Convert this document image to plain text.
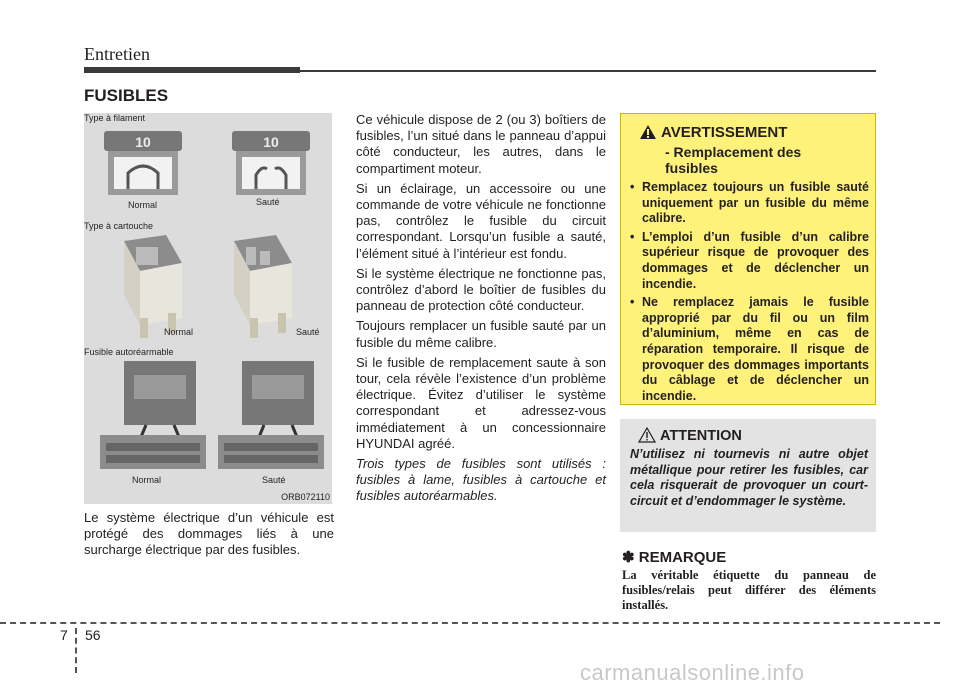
Entretien
FUSIBLES
Type à filament
10	10
Normal	Sauté
Type à cartouche
Normal	Sauté
Fusible autoréarmable
Normal	Sauté
ORB072110
Le système électrique d’un véhicule est protégé des dommages liés à une surcharge électrique par des fusibles.

Ce véhicule dispose de 2 (ou 3) boîtiers de fusibles, l’un situé dans le panneau d’appui côté conducteur, les autres, dans le compartiment moteur.

Si un éclairage, un accessoire ou une commande de votre véhicule ne fonctionne pas, contrôlez le fusible du circuit correspondant. Lorsqu’un fusible a sauté, l’élément situé à l’intérieur est fondu.

Si le système électrique ne fonctionne pas, contrôlez d’abord le boîtier de fusibles du panneau de protection côté conducteur.

Toujours remplacer un fusible sauté par un fusible du même calibre.

Si le fusible de remplacement saute à son tour, cela révèle l’existence d’un problème électrique. Évitez d’utiliser le système correspondant et adressez-vous immédiatement à un concessionnaire HYUNDAI agréé.

Trois types de fusibles sont utilisés : fusibles à lame, fusibles à cartouche et fusibles autoréarmables.

AVERTISSEMENT
- Remplacement des fusibles
• Remplacez toujours un fusible sauté uniquement par un fusible du même calibre.
• L’emploi d’un fusible d’un calibre supérieur risque de provoquer des dommages et de déclencher un incendie.
• Ne remplacez jamais le fusible approprié par du fil ou un film d’aluminium, même en cas de réparation temporaire. Il risque de provoquer des dommages importants du câblage et de déclencher un incendie.
ATTENTION
N’utilisez ni tournevis ni autre objet métallique pour retirer les fusibles, car cela risquerait de provoquer un court-circuit et d’endommager le système.
✽ REMARQUE
La véritable étiquette du panneau de fusibles/relais peut différer des éléments installés.
7 56
carmanualsonline.info
